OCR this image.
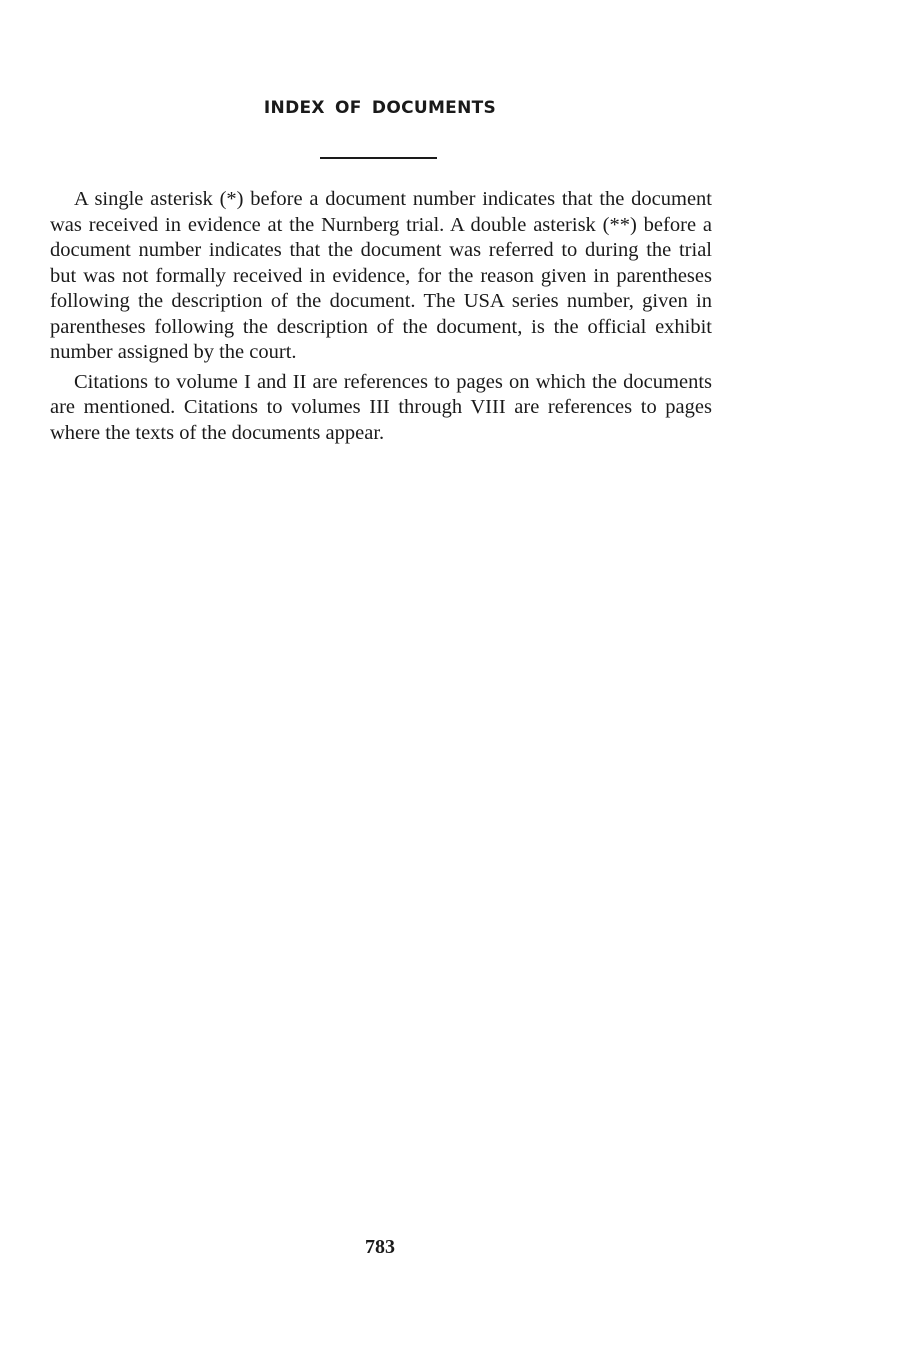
INDEX OF DOCUMENTS

A single asterisk (*) before a document number indicates that the document was received in evidence at the Nurnberg trial. A double asterisk (**) before a document number indicates that the document was referred to during the trial but was not formally received in evidence, for the reason given in parentheses following the description of the document. The USA series number, given in parentheses following the description of the document, is the official exhibit number assigned by the court.

Citations to volume I and II are references to pages on which the documents are mentioned. Citations to volumes III through VIII are references to pages where the texts of the documents appear.

783
